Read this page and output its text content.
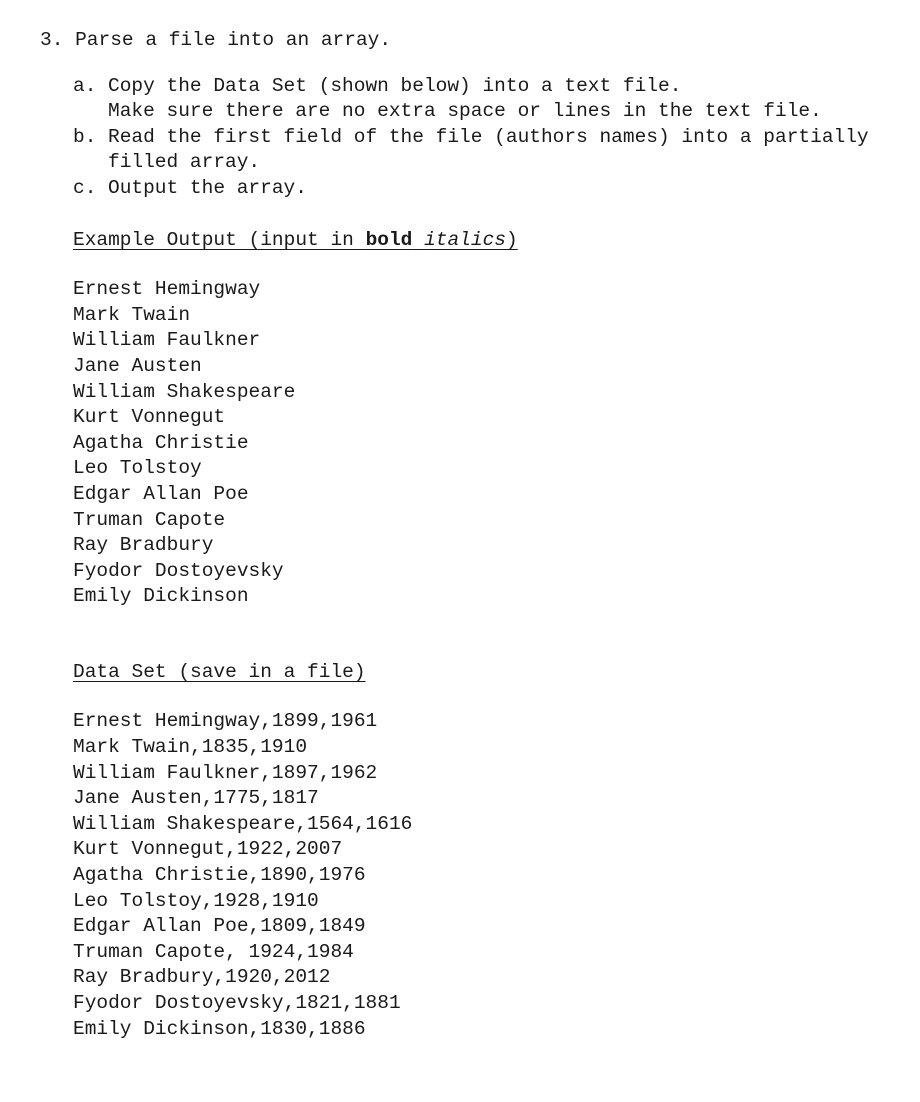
3. Parse a file into an array.
a. Copy the Data Set (shown below) into a text file.
Make sure there are no extra space or lines in the text file.
b. Read the first field of the file (authors names) into a partially
filled array.
c. Output the array.
Example Output (input in bold italics)
Ernest Hemingway
Mark Twain
William Faulkner
Jane Austen
William Shakespeare
Kurt Vonnegut
Agatha Christie
Leo Tolstoy
Edgar Allan Poe
Truman Capote
Ray Bradbury
Fyodor Dostoyevsky
Emily Dickinson
Data Set (save in a file)
Ernest Hemingway,1899,1961
Mark Twain,1835,1910
William Faulkner,1897,1962
Jane Austen,1775,1817
William Shakespeare,1564,1616
Kurt Vonnegut,1922,2007
Agatha Christie,1890,1976
Leo Tolstoy,1928,1910
Edgar Allan Poe,1809,1849
Truman Capote, 1924,1984
Ray Bradbury,1920,2012
Fyodor Dostoyevsky,1821,1881
Emily Dickinson,1830,1886
